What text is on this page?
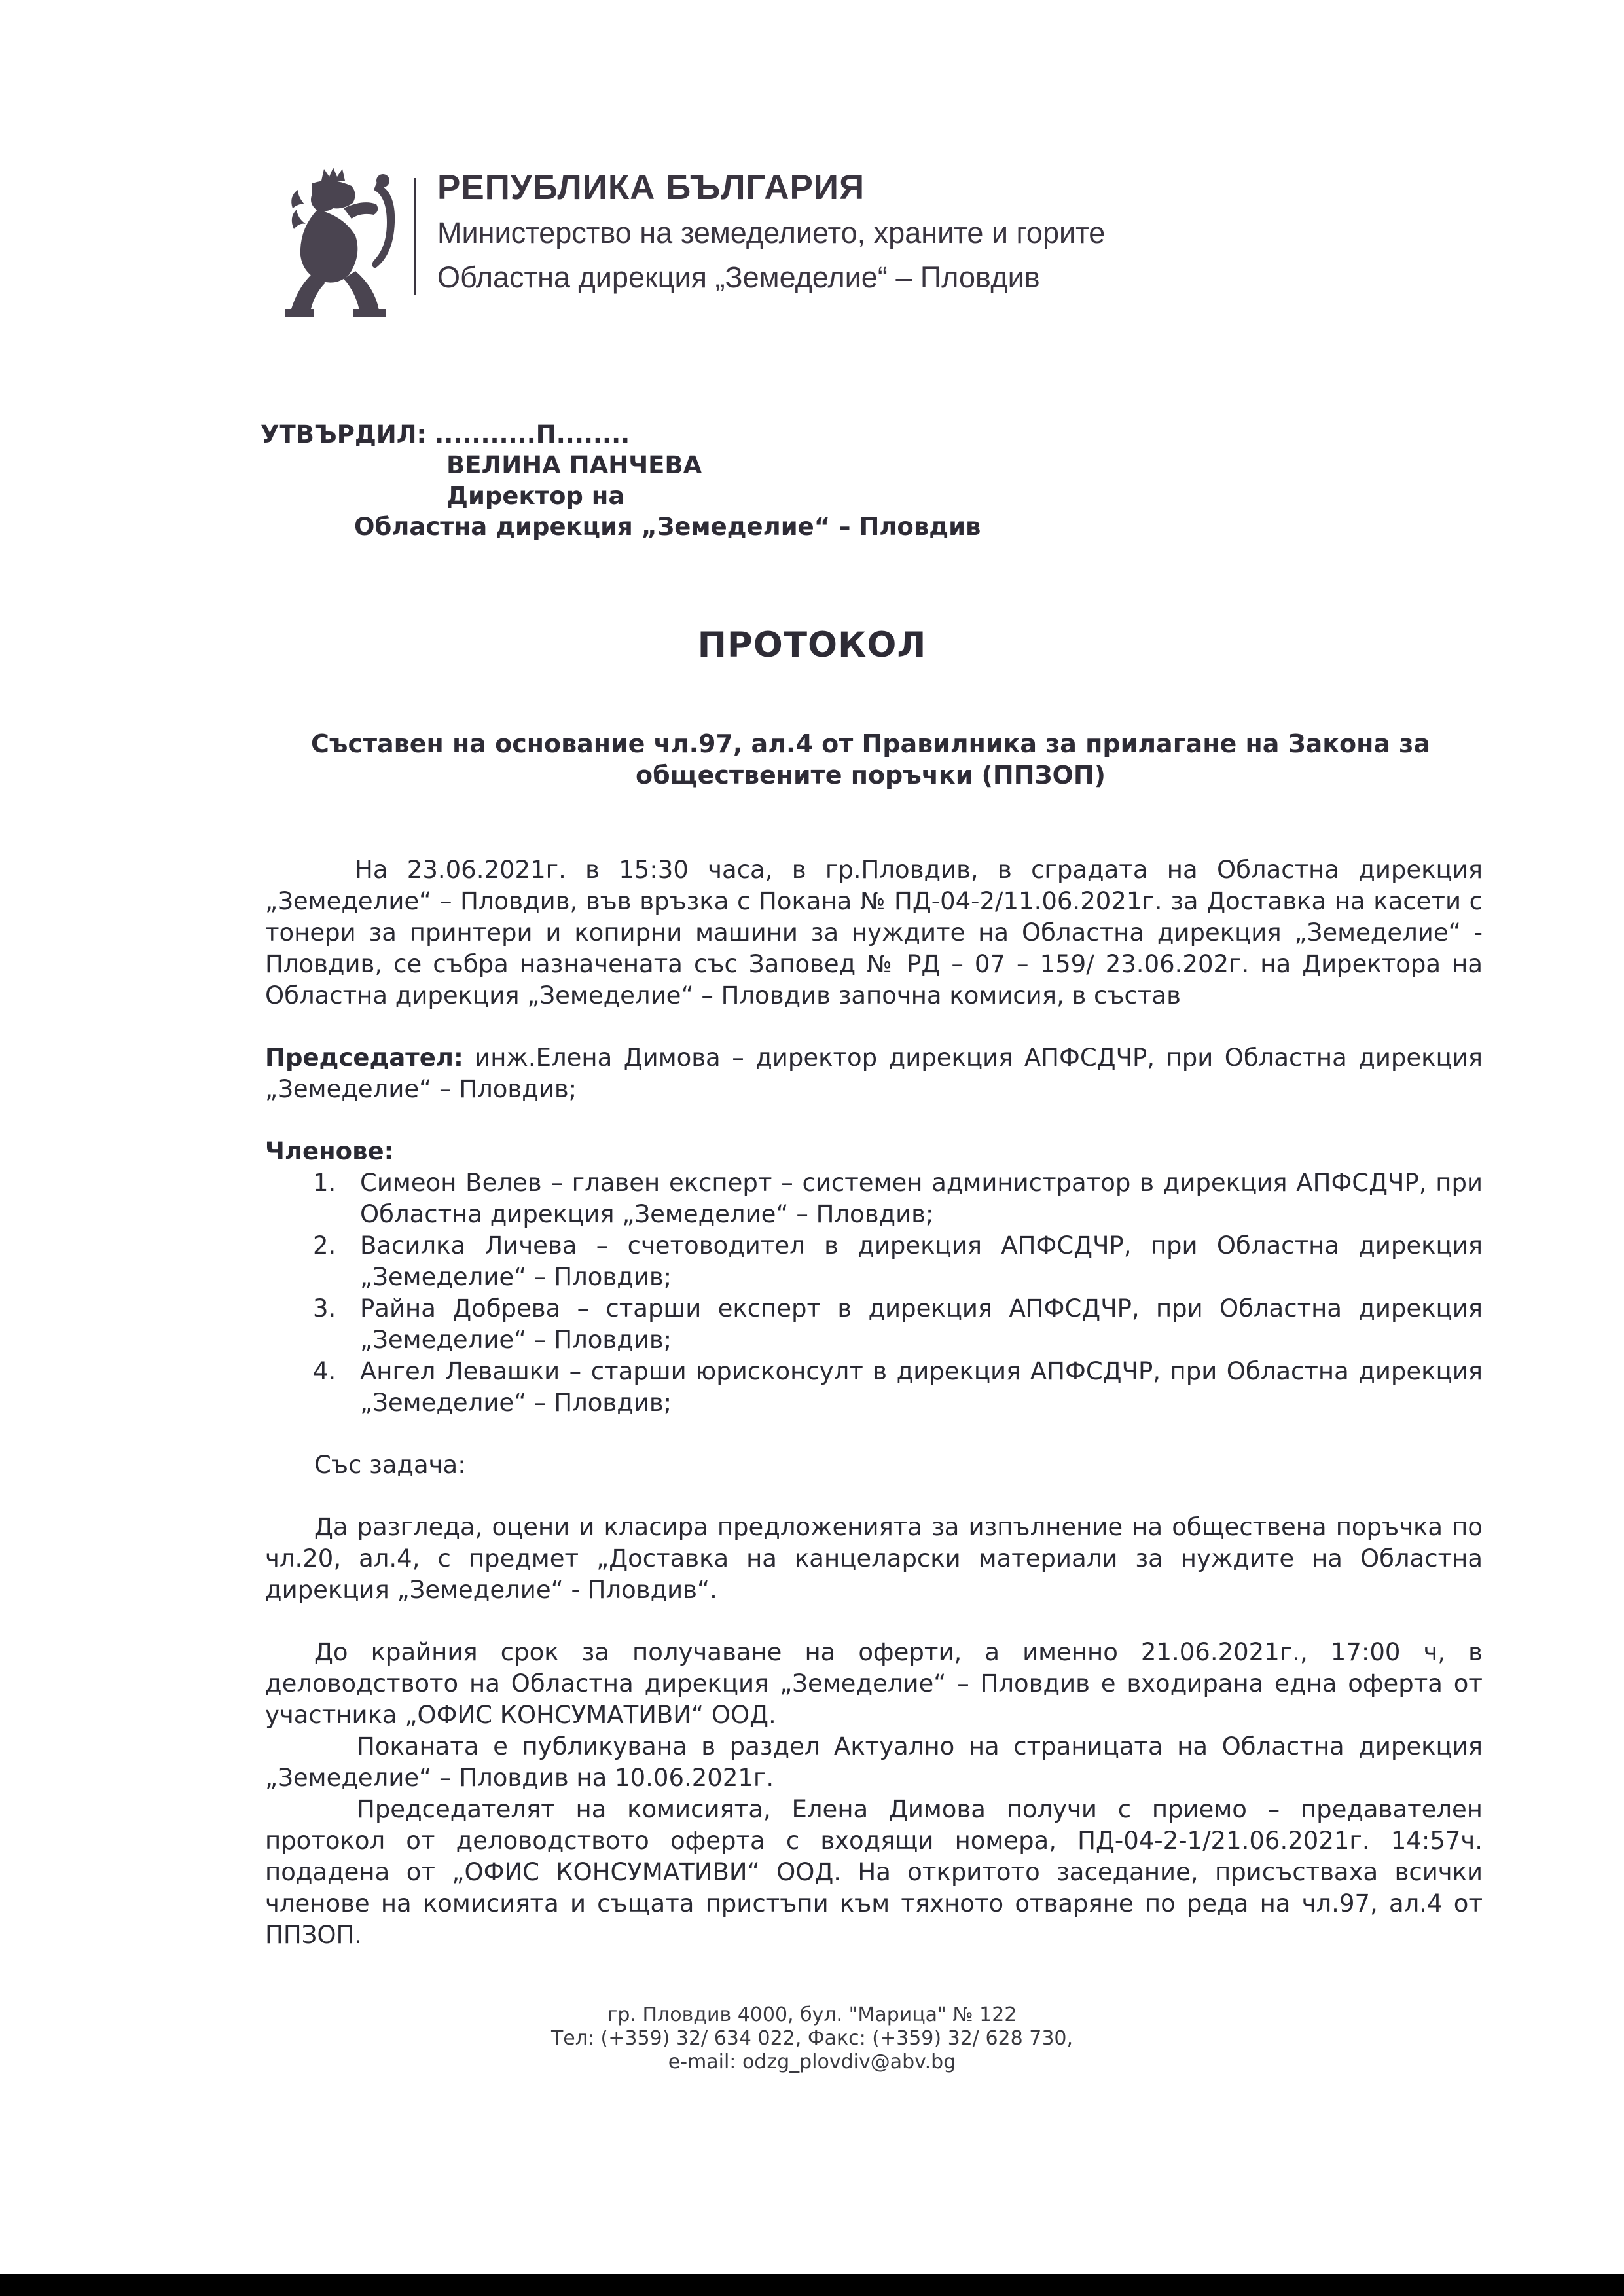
РЕПУБЛИКА БЪЛГАРИЯ
Министерство на земеделието, храните и горите
Областна дирекция „Земеделие“ – Пловдив
УТВЪРДИЛ: ...........П........
ВЕЛИНА ПАНЧЕВА
Директор на
Областна дирекция „Земеделие“ – Пловдив
ПРОТОКОЛ
Съставен на основание чл.97, ал.4 от Правилника за прилагане на Закона за обществените поръчки (ППЗОП)

На 23.06.2021г. в 15:30 часа, в гр.Пловдив, в сградата на Областна дирекция „Земеделие“ – Пловдив, във връзка с Покана № ПД-04-2/11.06.2021г. за Доставка на касети с тонери за принтери и копирни машини за нуждите на Областна дирекция „Земеделие“ - Пловдив, се събра назначената със Заповед № РД – 07 – 159/ 23.06.202г. на Директора на Областна дирекция „Земеделие“ – Пловдив започна комисия, в състав

Председател: инж.Елена Димова – директор дирекция АПФСДЧР, при Областна дирекция „Земеделие“ – Пловдив;

Членове:
1. Симеон Велев – главен експерт – системен администратор в дирекция АПФСДЧР, при Областна дирекция „Земеделие“ – Пловдив;
2. Василка Личева – счетоводител в дирекция АПФСДЧР, при Областна дирекция „Земеделие“ – Пловдив;
3. Райна Добрева – старши експерт в дирекция АПФСДЧР, при Областна дирекция „Земеделие“ – Пловдив;
4. Ангел Левашки – старши юрисконсулт в дирекция АПФСДЧР, при Областна дирекция „Земеделие“ – Пловдив;
Със задача:

Да разгледа, оцени и класира предложенията за изпълнение на обществена поръчка по чл.20, ал.4, с предмет „Доставка на канцеларски материали за нуждите на Областна дирекция „Земеделие“ - Пловдив“.

До крайния срок за получаване на оферти, а именно 21.06.2021г., 17:00 ч, в деловодството на Областна дирекция „Земеделие“ – Пловдив е входирана една оферта от участника „ОФИС КОНСУМАТИВИ“ ООД.

Поканата е публикувана в раздел Актуално на страницата на Областна дирекция „Земеделие“ – Пловдив на 10.06.2021г.

Председателят на комисията, Елена Димова получи с приемо – предавателен протокол от деловодството оферта с входящи номера, ПД-04-2-1/21.06.2021г. 14:57ч. подадена от „ОФИС КОНСУМАТИВИ“ ООД. На откритото заседание, присъстваха всички членове на комисията и същата пристъпи към тяхното отваряне по реда на чл.97, ал.4 от ППЗОП.

гр. Пловдив 4000, бул. "Марица" № 122
Тел: (+359) 32/ 634 022, Факс: (+359) 32/ 628 730,
e-mail: odzg_plovdiv@abv.bg
